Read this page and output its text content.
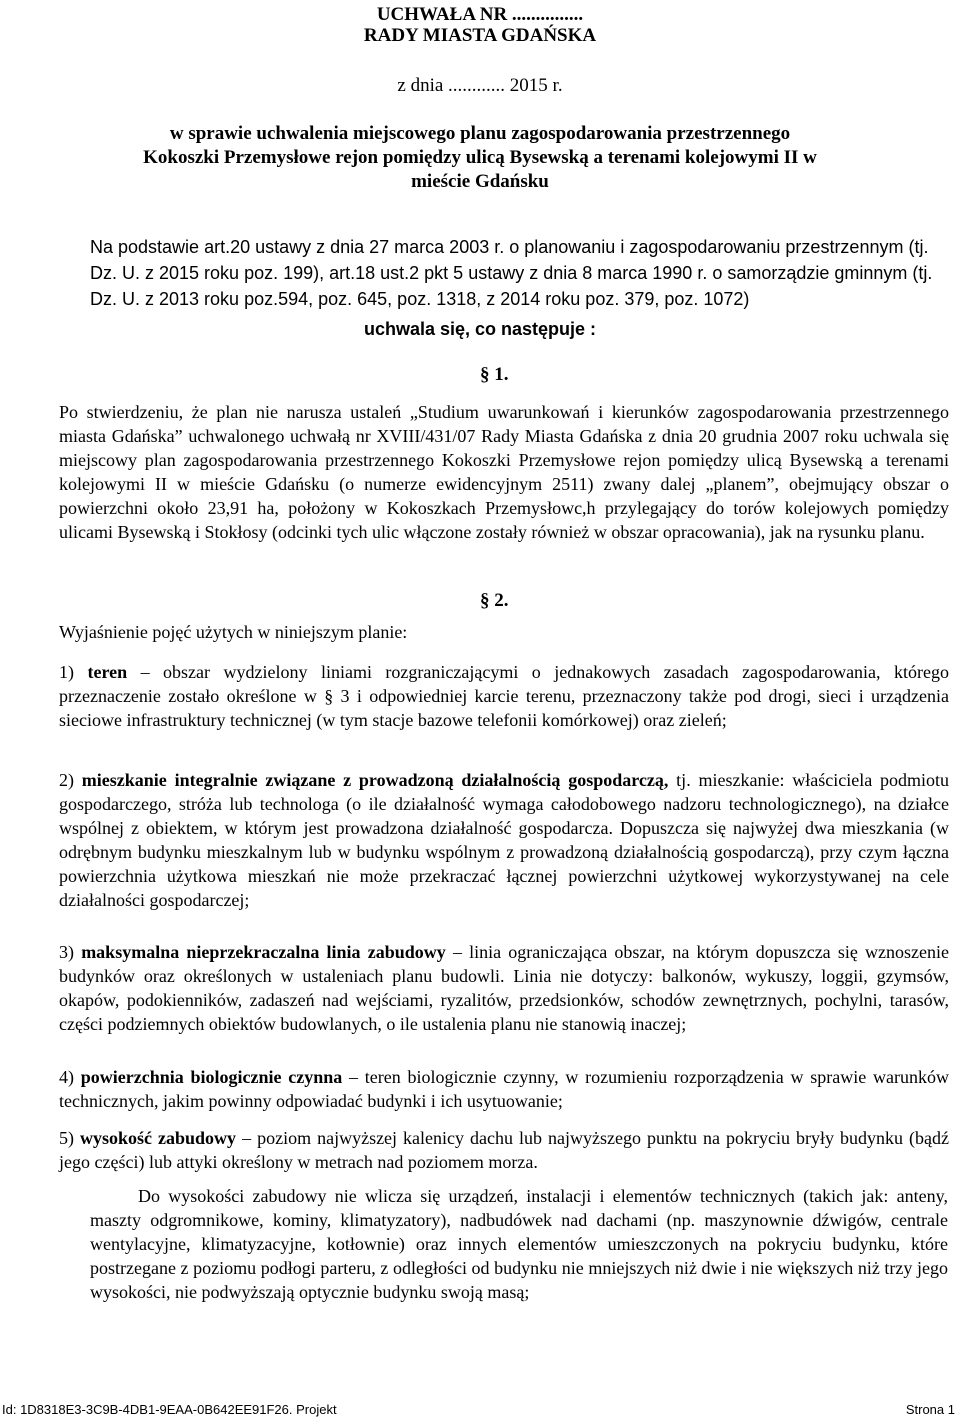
UCHWAŁA NR ...............
RADY MIASTA GDAŃSKA
z dnia ............ 2015 r.
w sprawie uchwalenia miejscowego planu zagospodarowania przestrzennego Kokoszki Przemysłowe rejon pomiędzy ulicą Bysewską a terenami kolejowymi II w mieście Gdańsku
Na podstawie art.20 ustawy z dnia 27 marca 2003 r. o planowaniu i zagospodarowaniu przestrzennym (tj. Dz. U. z 2015 roku poz. 199), art.18 ust.2 pkt 5 ustawy z dnia 8 marca 1990 r. o samorządzie gminnym (tj. Dz. U. z 2013 roku poz.594, poz. 645, poz. 1318, z 2014 roku poz. 379, poz. 1072)
uchwala się, co następuje :
§ 1.
Po stwierdzeniu, że plan nie narusza ustaleń „Studium uwarunkowań i kierunków zagospodarowania przestrzennego miasta Gdańska” uchwalonego uchwałą nr XVIII/431/07 Rady Miasta Gdańska z dnia 20 grudnia 2007 roku uchwala się miejscowy plan zagospodarowania przestrzennego Kokoszki Przemysłowe rejon pomiędzy ulicą Bysewską a terenami kolejowymi II w mieście Gdańsku (o numerze ewidencyjnym 2511) zwany dalej „planem”, obejmujący obszar o powierzchni około 23,91 ha, położony w Kokoszkach Przemysłowc,h przylegający do torów kolejowych pomiędzy ulicami Bysewską i Stokłosy (odcinki tych ulic włączone zostały również w obszar opracowania), jak na rysunku planu.
§ 2.
Wyjaśnienie pojęć użytych w niniejszym planie:
1) teren – obszar wydzielony liniami rozgraniczającymi o jednakowych zasadach zagospodarowania, którego przeznaczenie zostało określone w § 3 i odpowiedniej karcie terenu, przeznaczony także pod drogi, sieci i urządzenia sieciowe infrastruktury technicznej (w tym stacje bazowe telefonii komórkowej) oraz zieleń;
2) mieszkanie integralnie związane z prowadzoną działalnością gospodarczą, tj. mieszkanie: właściciela podmiotu gospodarczego, stróża lub technologa (o ile działalność wymaga całodobowego nadzoru technologicznego), na działce wspólnej z obiektem, w którym jest prowadzona działalność gospodarcza. Dopuszcza się najwyżej dwa mieszkania (w odrębnym budynku mieszkalnym lub w budynku wspólnym z prowadzoną działalnością gospodarczą), przy czym łączna powierzchnia użytkowa mieszkań nie może przekraczać łącznej powierzchni użytkowej wykorzystywanej na cele działalności gospodarczej;
3) maksymalna nieprzekraczalna linia zabudowy – linia ograniczająca obszar, na którym dopuszcza się wznoszenie budynków oraz określonych w ustaleniach planu budowli. Linia nie dotyczy: balkonów, wykuszy, loggii, gzymsów, okapów, podokienników, zadaszeń nad wejściami, ryzalitów, przedsionków, schodów zewnętrznych, pochylni, tarasów, części podziemnych obiektów budowlanych, o ile ustalenia planu nie stanowią inaczej;
4) powierzchnia biologicznie czynna – teren biologicznie czynny, w rozumieniu rozporządzenia w sprawie warunków technicznych, jakim powinny odpowiadać budynki i ich usytuowanie;
5) wysokość zabudowy – poziom najwyższej kalenicy dachu lub najwyższego punktu na pokryciu bryły budynku (bądź jego części) lub attyki określony w metrach nad poziomem morza.
Do wysokości zabudowy nie wlicza się urządzeń, instalacji i elementów technicznych (takich jak: anteny, maszty odgromnikowe, kominy, klimatyzatory), nadbudówek nad dachami (np. maszynownie dźwigów, centrale wentylacyjne, klimatyzacyjne, kotłownie) oraz innych elementów umieszczonych na pokryciu budynku, które postrzegane z poziomu podłogi parteru, z odległości od budynku nie mniejszych niż dwie i nie większych niż trzy jego wysokości, nie podwyższają optycznie budynku swoją masą;
Id: 1D8318E3-3C9B-4DB1-9EAA-0B642EE91F26. Projekt	Strona 1
